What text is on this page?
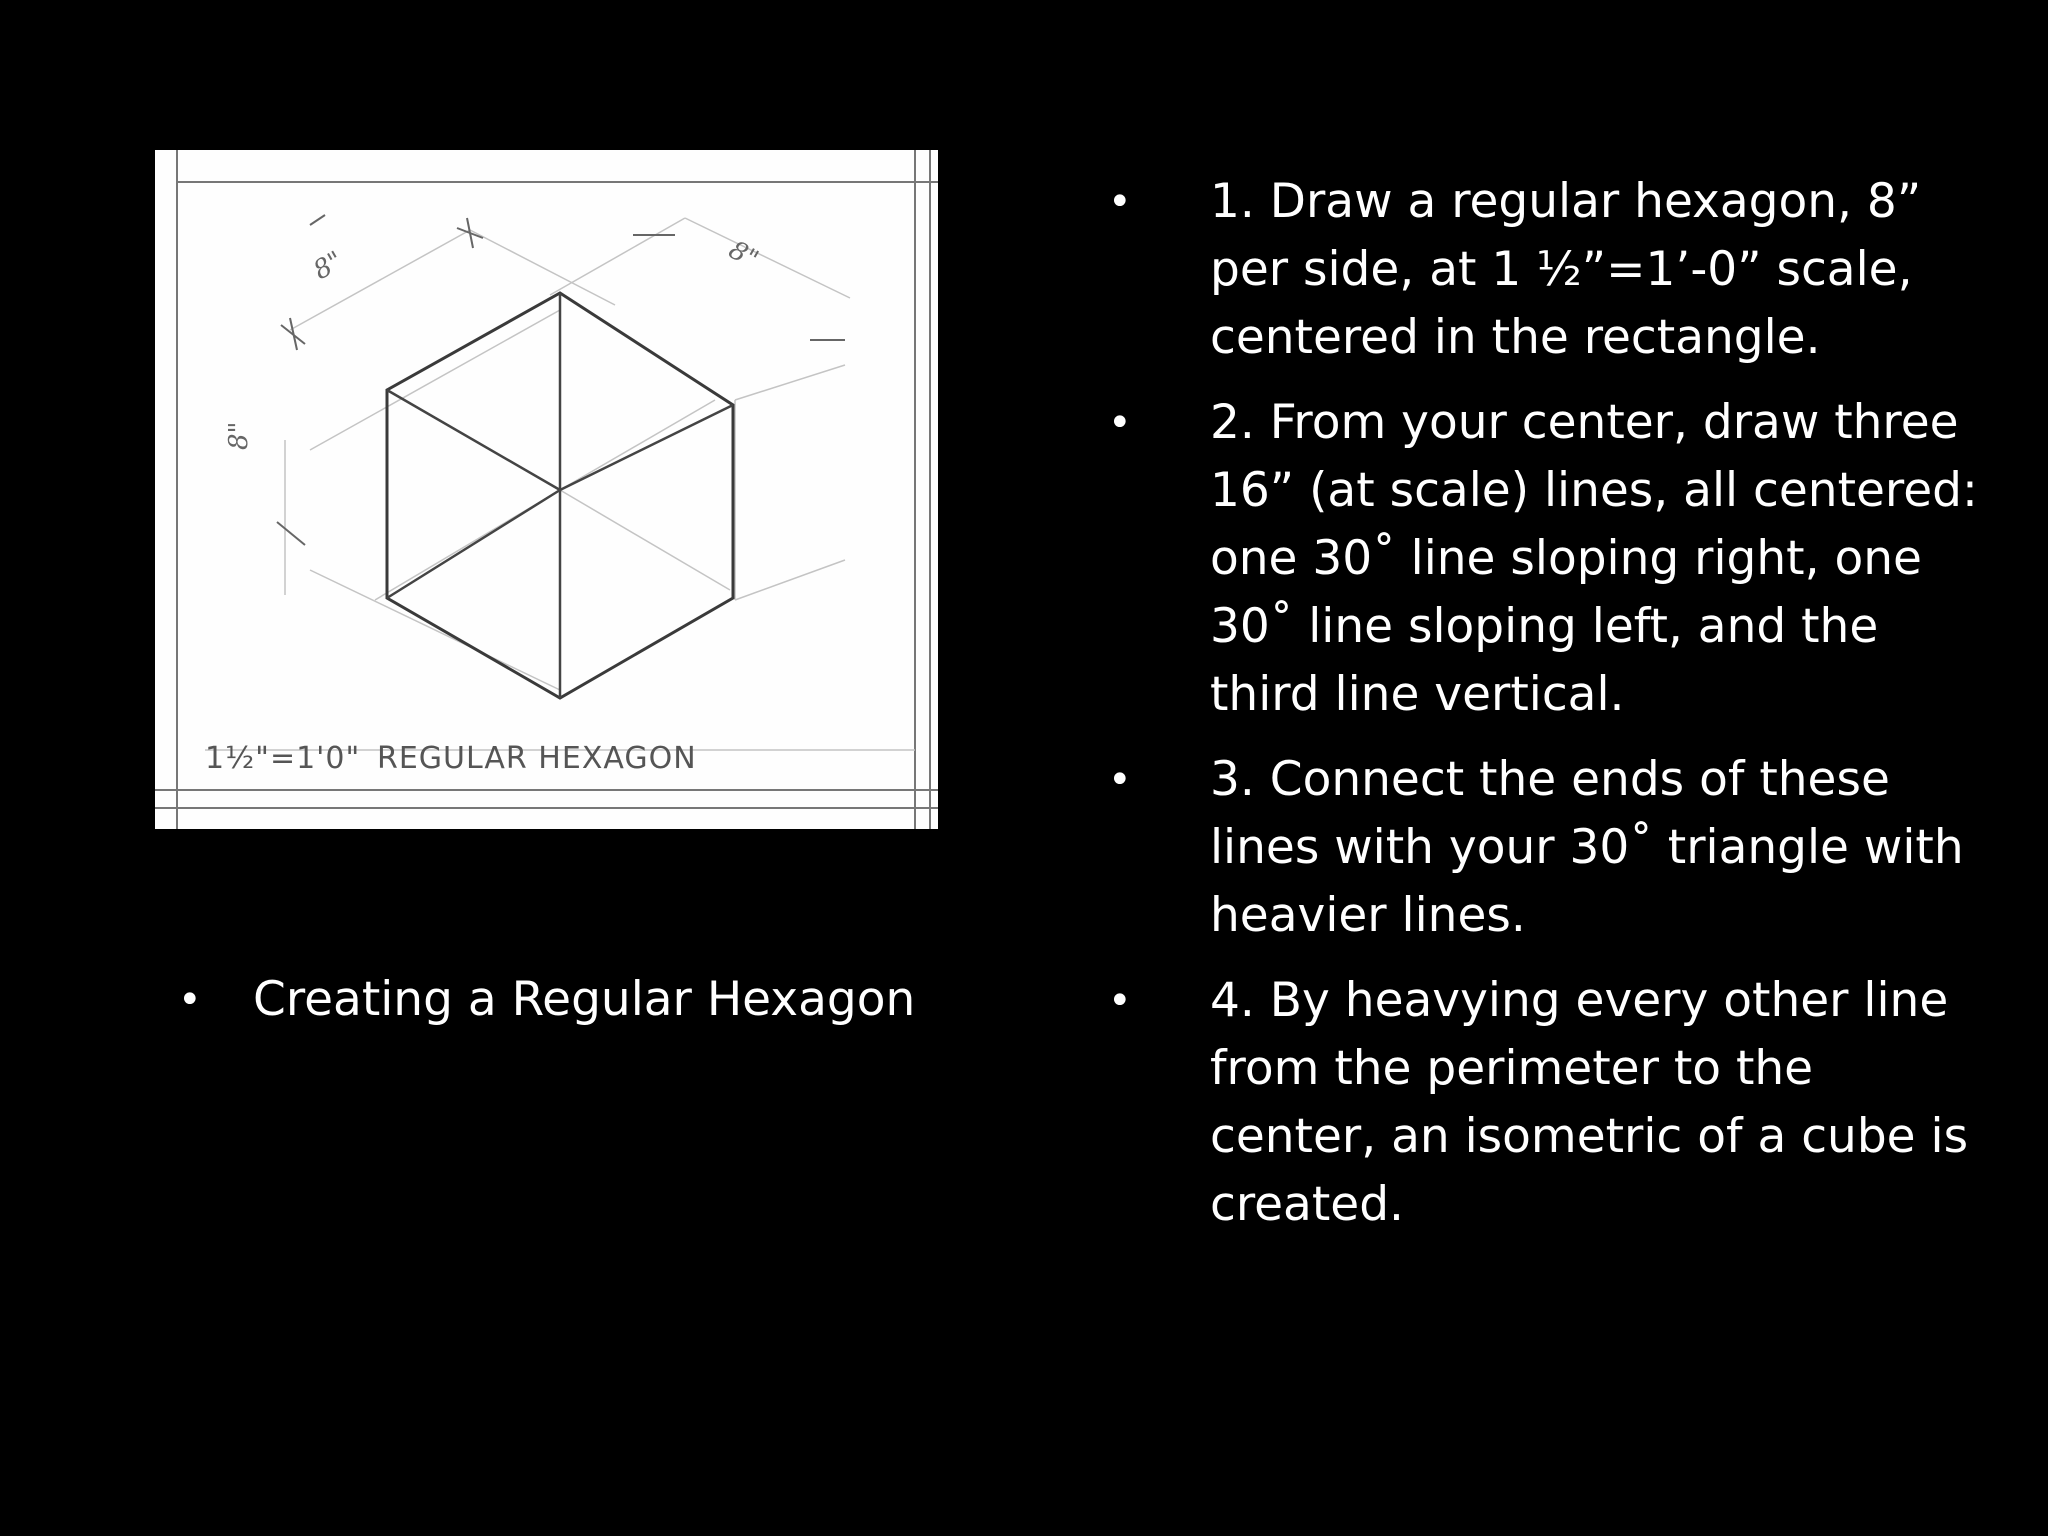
8"	8"
8"
1½"=1'0" REGULAR HEXAGON
• Creating a Regular Hexagon
• 1. Draw a regular hexagon, 8” per side, at 1 ½”=1’-0” scale, centered in the rectangle.
• 2. From your center, draw three 16” (at scale) lines, all centered: one 30˚ line sloping right, one 30˚ line sloping left, and the third line vertical.
• 3. Connect the ends of these lines with your 30˚ triangle with heavier lines.
• 4. By heavying every other line from the perimeter to the center, an isometric of a cube is created.
